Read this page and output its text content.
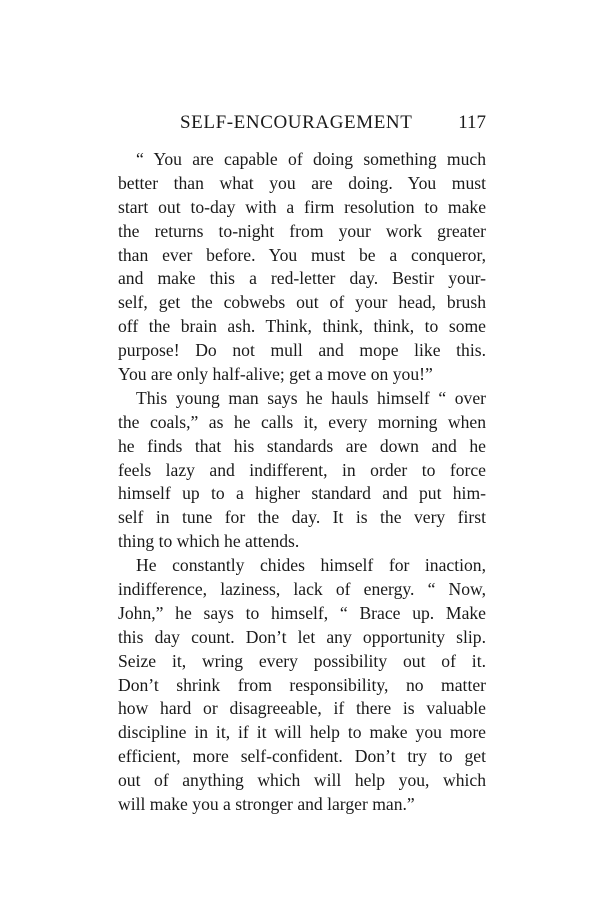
SELF-ENCOURAGEMENT 117
“ You are capable of doing something much
better than what you are doing. You must
start out to-day with a firm resolution to make
the returns to-night from your work greater
than ever before. You must be a conqueror,
and make this a red-letter day. Bestir your-
self, get the cobwebs out of your head, brush
off the brain ash. Think, think, think, to some
purpose! Do not mull and mope like this.
You are only half-alive; get a move on you!”
This young man says he hauls himself “ over
the coals,” as he calls it, every morning when
he finds that his standards are down and he
feels lazy and indifferent, in order to force
himself up to a higher standard and put him-
self in tune for the day. It is the very first
thing to which he attends.
He constantly chides himself for inaction,
indifference, laziness, lack of energy. “ Now,
John,” he says to himself, “ Brace up. Make
this day count. Don’t let any opportunity slip.
Seize it, wring every possibility out of it.
Don’t shrink from responsibility, no matter
how hard or disagreeable, if there is valuable
discipline in it, if it will help to make you more
efficient, more self-confident. Don’t try to get
out of anything which will help you, which
will make you a stronger and larger man.”
